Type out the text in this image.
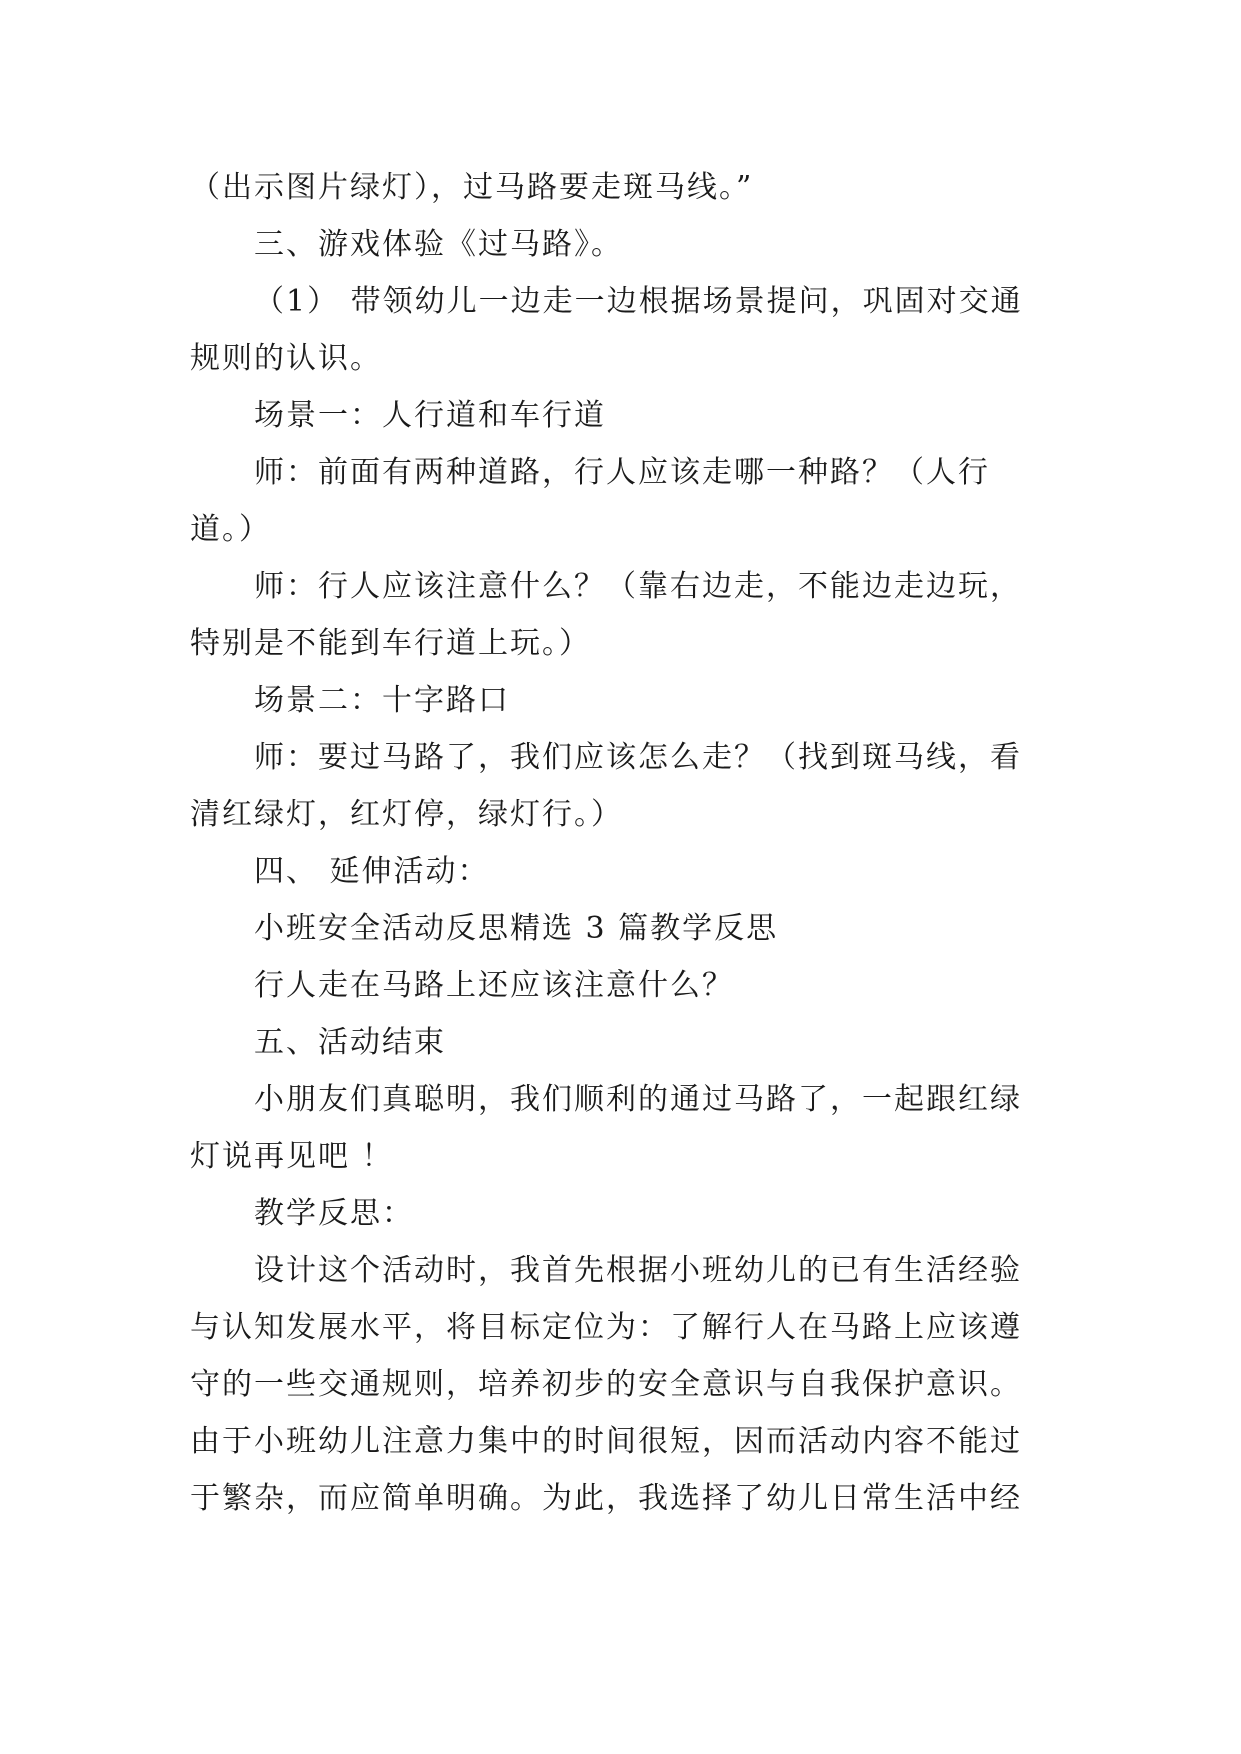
（出示图片绿灯），过马路要走斑马线。”
三、游戏体验《过马路》。
（1） 带领幼儿一边走一边根据场景提问，巩固对交通
规则的认识。
场景一：人行道和车行道
师：前面有两种道路，行人应该走哪一种路？（人行
道。）
师：行人应该注意什么？（靠右边走，不能边走边玩，
特别是不能到车行道上玩。）
场景二：十字路口
师：要过马路了，我们应该怎么走？（找到斑马线，看
清红绿灯，红灯停，绿灯行。）
四、 延伸活动：
小班安全活动反思精选 3 篇教学反思
行人走在马路上还应该注意什么？
五、活动结束
小朋友们真聪明，我们顺利的通过马路了，一起跟红绿
灯说再见吧 ！
教学反思：
设计这个活动时，我首先根据小班幼儿的已有生活经验
与认知发展水平，将目标定位为：了解行人在马路上应该遵
守的一些交通规则，培养初步的安全意识与自我保护意识。
由于小班幼儿注意力集中的时间很短，因而活动内容不能过
于繁杂，而应简单明确。为此，我选择了幼儿日常生活中经
